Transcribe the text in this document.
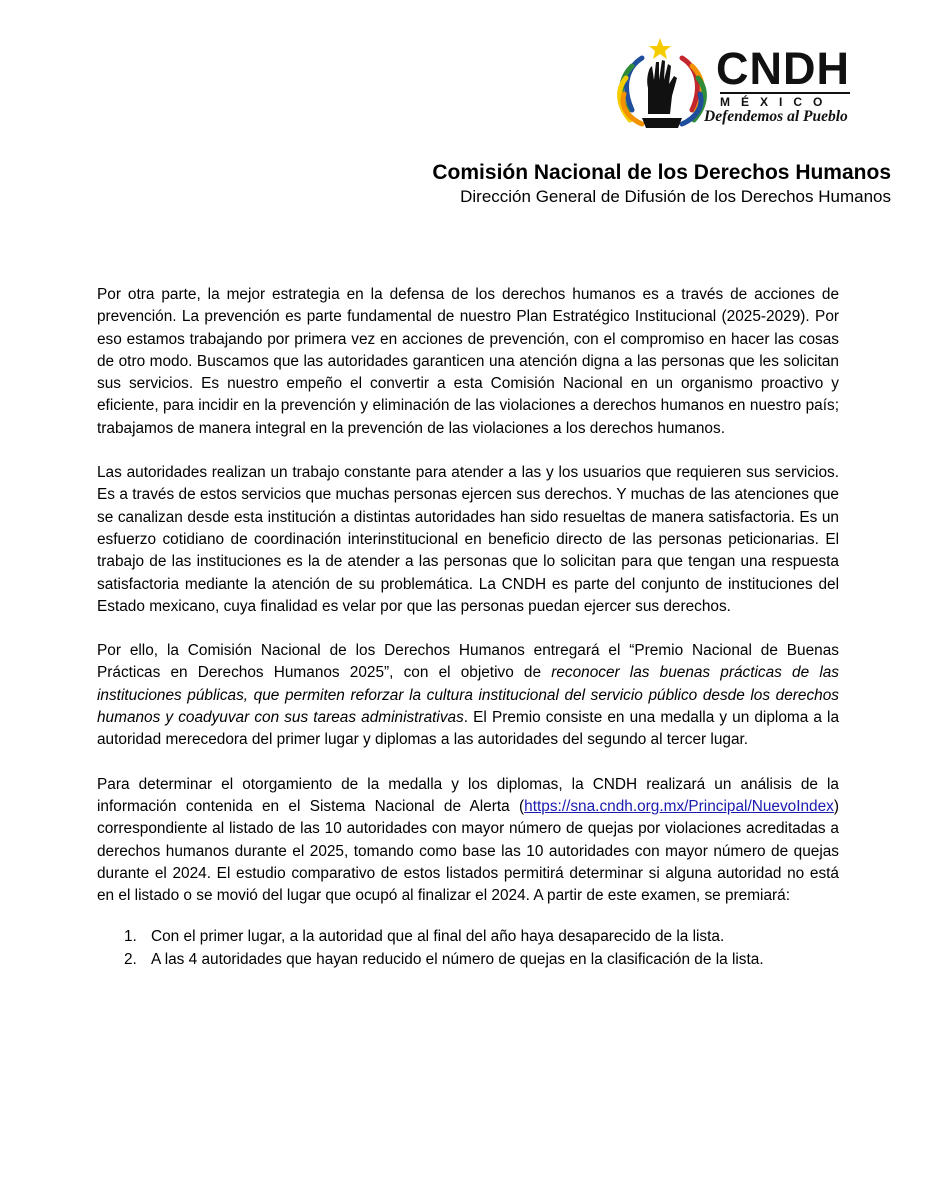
CNDH
MÉXICO
Defendemos al Pueblo
Comisión Nacional de los Derechos Humanos
Dirección General de Difusión de los Derechos Humanos

Por otra parte, la mejor estrategia en la defensa de los derechos humanos es a través de acciones de prevención. La prevención es parte fundamental de nuestro Plan Estratégico Institucional (2025-2029). Por eso estamos trabajando por primera vez en acciones de prevención, con el compromiso en hacer las cosas de otro modo. Buscamos que las autoridades garanticen una atención digna a las personas que les solicitan sus servicios. Es nuestro empeño el convertir a esta Comisión Nacional en un organismo proactivo y eficiente, para incidir en la prevención y eliminación de las violaciones a derechos humanos en nuestro país; trabajamos de manera integral en la prevención de las violaciones a los derechos humanos.

Las autoridades realizan un trabajo constante para atender a las y los usuarios que requieren sus servicios. Es a través de estos servicios que muchas personas ejercen sus derechos. Y muchas de las atenciones que se canalizan desde esta institución a distintas autoridades han sido resueltas de manera satisfactoria. Es un esfuerzo cotidiano de coordinación interinstitucional en beneficio directo de las personas peticionarias. El trabajo de las instituciones es la de atender a las personas que lo solicitan para que tengan una respuesta satisfactoria mediante la atención de su problemática. La CNDH es parte del conjunto de instituciones del Estado mexicano, cuya finalidad es velar por que las personas puedan ejercer sus derechos.

Por ello, la Comisión Nacional de los Derechos Humanos entregará el “Premio Nacional de Buenas Prácticas en Derechos Humanos 2025”, con el objetivo de reconocer las buenas prácticas de las instituciones públicas, que permiten reforzar la cultura institucional del servicio público desde los derechos humanos y coadyuvar con sus tareas administrativas. El Premio consiste en una medalla y un diploma a la autoridad merecedora del primer lugar y diplomas a las autoridades del segundo al tercer lugar.

Para determinar el otorgamiento de la medalla y los diplomas, la CNDH realizará un análisis de la información contenida en el Sistema Nacional de Alerta (https://sna.cndh.org.mx/Principal/NuevoIndex) correspondiente al listado de las 10 autoridades con mayor número de quejas por violaciones acreditadas a derechos humanos durante el 2025, tomando como base las 10 autoridades con mayor número de quejas durante el 2024. El estudio comparativo de estos listados permitirá determinar si alguna autoridad no está en el listado o se movió del lugar que ocupó al finalizar el 2024. A partir de este examen, se premiará:

1. Con el primer lugar, a la autoridad que al final del año haya desaparecido de la lista.
2. A las 4 autoridades que hayan reducido el número de quejas en la clasificación de la lista.
